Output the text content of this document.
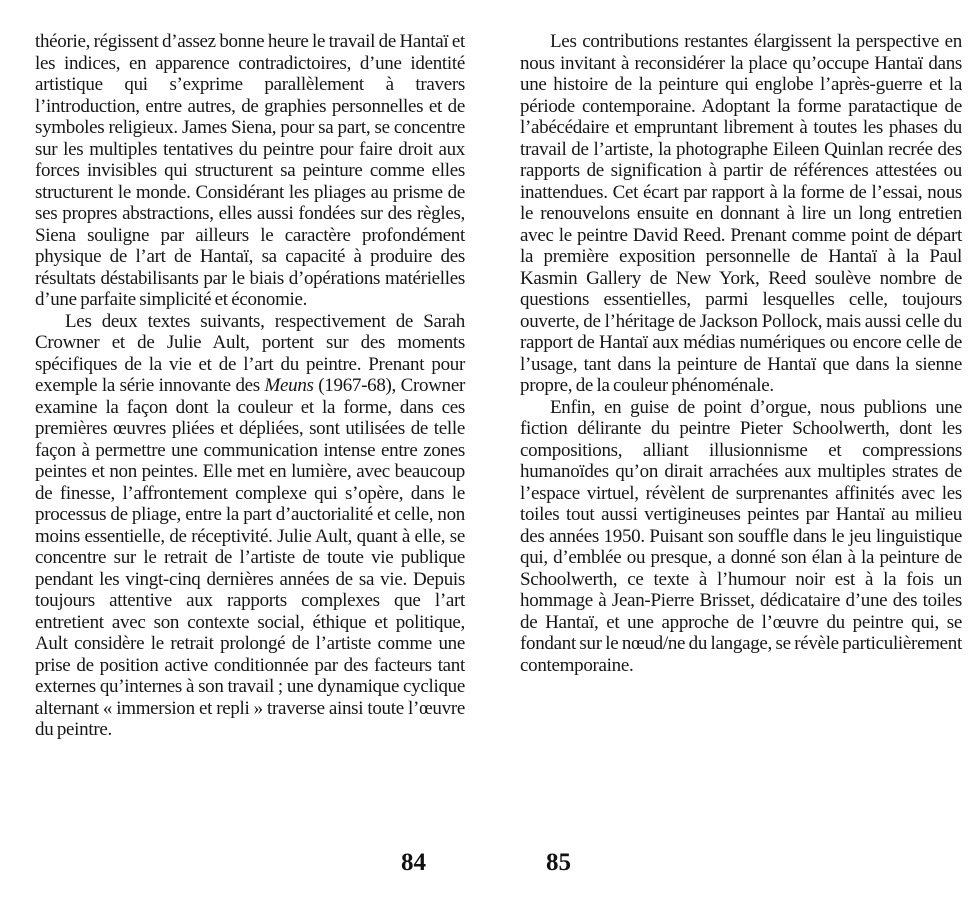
théorie, régissent d’assez bonne heure le travail de Hantaï et les indices, en apparence contradictoires, d’une identité artistique qui s’exprime parallèlement à travers l’introduction, entre autres, de graphies personnelles et de symboles religieux. James Siena, pour sa part, se concentre sur les multiples tentatives du peintre pour faire droit aux forces invisibles qui structurent sa peinture comme elles structurent le monde. Considérant les pliages au prisme de ses propres abstractions, elles aussi fondées sur des règles, Siena souligne par ailleurs le caractère profondément physique de l’art de Hantaï, sa capacité à produire des résultats déstabilisants par le biais d’opérations matérielles d’une parfaite simplicité et économie.

Les deux textes suivants, respectivement de Sarah Crowner et de Julie Ault, portent sur des moments spécifiques de la vie et de l’art du peintre. Prenant pour exemple la série innovante des Meuns (1967-68), Crowner examine la façon dont la couleur et la forme, dans ces premières œuvres pliées et dépliées, sont utilisées de telle façon à permettre une communication intense entre zones peintes et non peintes. Elle met en lumière, avec beaucoup de finesse, l’affrontement complexe qui s’opère, dans le processus de pliage, entre la part d’auctorialité et celle, non moins essentielle, de réceptivité. Julie Ault, quant à elle, se concentre sur le retrait de l’artiste de toute vie publique pendant les vingt-cinq dernières années de sa vie. Depuis toujours attentive aux rapports complexes que l’art entretient avec son contexte social, éthique et politique, Ault considère le retrait prolongé de l’artiste comme une prise de position active conditionnée par des facteurs tant externes qu’internes à son travail ; une dynamique cyclique alternant « immersion et repli » traverse ainsi toute l’œuvre du peintre.

Les contributions restantes élargissent la perspective en nous invitant à reconsidérer la place qu’occupe Hantaï dans une histoire de la peinture qui englobe l’après-guerre et la période contemporaine. Adoptant la forme paratactique de l’abécédaire et empruntant librement à toutes les phases du travail de l’artiste, la photographe Eileen Quinlan recrée des rapports de signification à partir de références attestées ou inattendues. Cet écart par rapport à la forme de l’essai, nous le renouvelons ensuite en donnant à lire un long entretien avec le peintre David Reed. Prenant comme point de départ la première exposition personnelle de Hantaï à la Paul Kasmin Gallery de New York, Reed soulève nombre de questions essentielles, parmi lesquelles celle, toujours ouverte, de l’héritage de Jackson Pollock, mais aussi celle du rapport de Hantaï aux médias numériques ou encore celle de l’usage, tant dans la peinture de Hantaï que dans la sienne propre, de la couleur phénoménale.

Enfin, en guise de point d’orgue, nous publions une fiction délirante du peintre Pieter Schoolwerth, dont les compositions, alliant illusionnisme et compressions humanoïdes qu’on dirait arrachées aux multiples strates de l’espace virtuel, révèlent de surprenantes affinités avec les toiles tout aussi vertigineuses peintes par Hantaï au milieu des années 1950. Puisant son souffle dans le jeu linguistique qui, d’emblée ou presque, a donné son élan à la peinture de Schoolwerth, ce texte à l’humour noir est à la fois un hommage à Jean-Pierre Brisset, dédicataire d’une des toiles de Hantaï, et une approche de l’œuvre du peintre qui, se fondant sur le nœud/ne du langage, se révèle particulièrement contemporaine.

84	85
